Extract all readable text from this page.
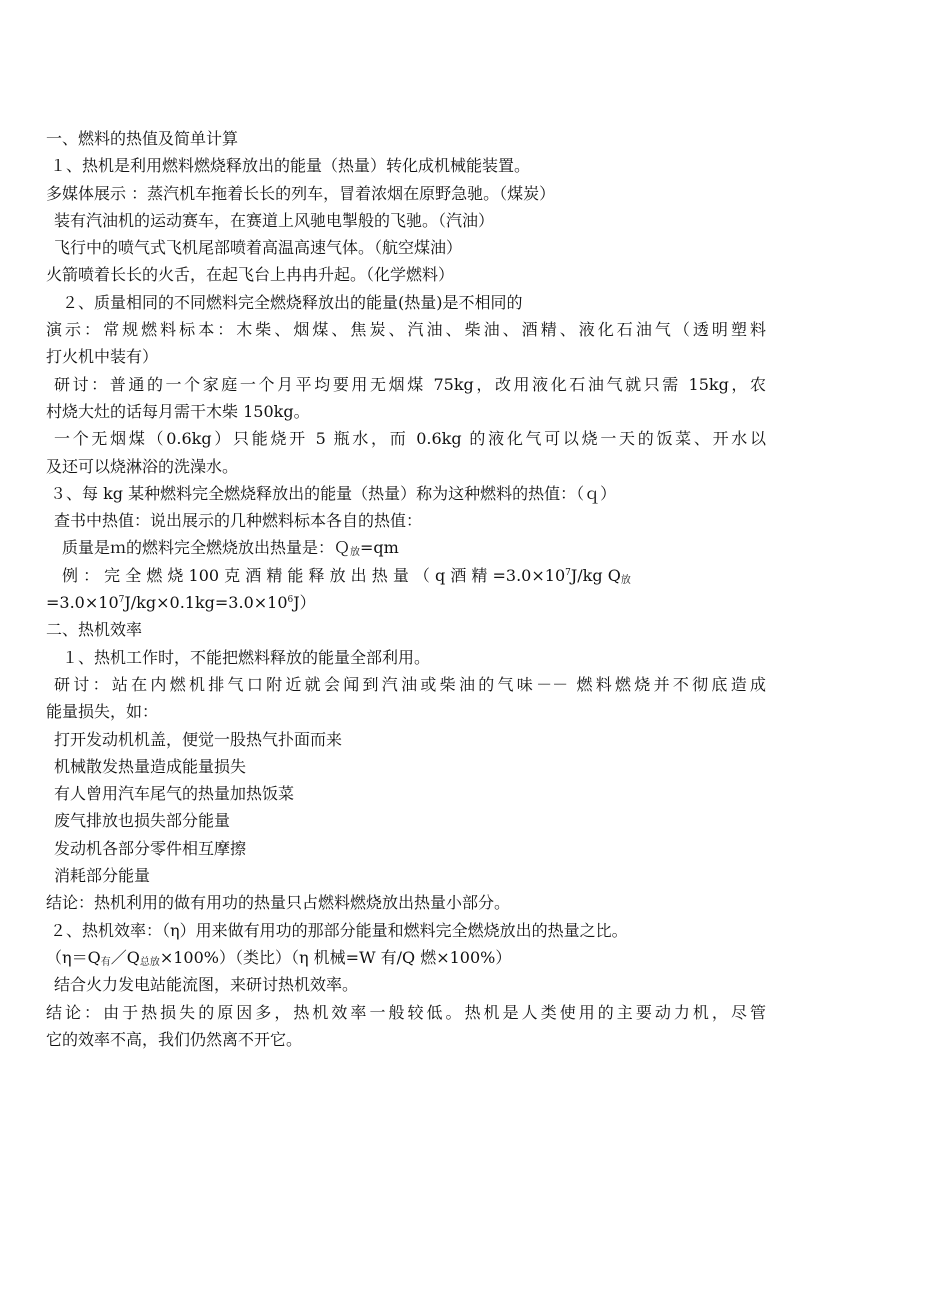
一、燃料的热值及简单计算
１、热机是利用燃料燃烧释放出的能量（热量）转化成机械能装置。
多媒体展示 ：蒸汽机车拖着长长的列车，冒着浓烟在原野急驰。（煤炭）
装有汽油机的运动赛车，在赛道上风驰电掣般的飞驰。（汽油）
飞行中的喷气式飞机尾部喷着高温高速气体。（航空煤油）
火箭喷着长长的火舌，在起飞台上冉冉升起。（化学燃料）
２、质量相同的不同燃料完全燃烧释放出的能量(热量)是不相同的
演示：常规燃料标本：木柴、烟煤、焦炭、汽油、柴油、酒精、液化石油气（透明塑料
打火机中装有）
研讨：普通的一个家庭一个月平均要用无烟煤 75kg，改用液化石油气就只需 15kg，农
村烧大灶的话每月需干木柴 150kg。
一个无烟煤（0.6kg）只能烧开 5 瓶水，而 0.6kg 的液化气可以烧一天的饭菜、开水以
及还可以烧淋浴的洗澡水。
３、每 kg 某种燃料完全燃烧释放出的能量（热量）称为这种燃料的热值：（ｑ）
查书中热值：说出展示的几种燃料标本各自的热值：
质量是ｍ的燃料完全燃烧放出热量是：Ｑ$_放$=qm
例 ： 完 全 燃 烧 100 克 酒 精 能 释 放 出 热 量 （ q 酒 精 $=3.0\times 10^7J/kg$ $Q_放$
$=3.0\times 10^7J/kg\times 0.1kg=3.0\times 10^6J$）
二、热机效率
１、热机工作时，不能把燃料释放的能量全部利用。
研讨：站在内燃机排气口附近就会闻到汽油或柴油的气味－－ 燃料燃烧并不彻底造成
能量损失，如：
打开发动机机盖，便觉一股热气扑面而来
机械散发热量造成能量损失
有人曾用汽车尾气的热量加热饭菜
废气排放也损失部分能量
发动机各部分零件相互摩擦
消耗部分能量
结论：热机利用的做有用功的热量只占燃料燃烧放出热量小部分。
２、热机效率：（η）用来做有用功的那部分能量和燃料完全燃烧放出的热量之比。
$(\eta=Q_有/Q_{总放}\times 100\%)$（类比）（η 机械=W 有/Q 燃×100%）
结合火力发电站能流图，来研讨热机效率。
结论：由于热损失的原因多，热机效率一般较低。热机是人类使用的主要动力机，尽管
它的效率不高，我们仍然离不开它。
